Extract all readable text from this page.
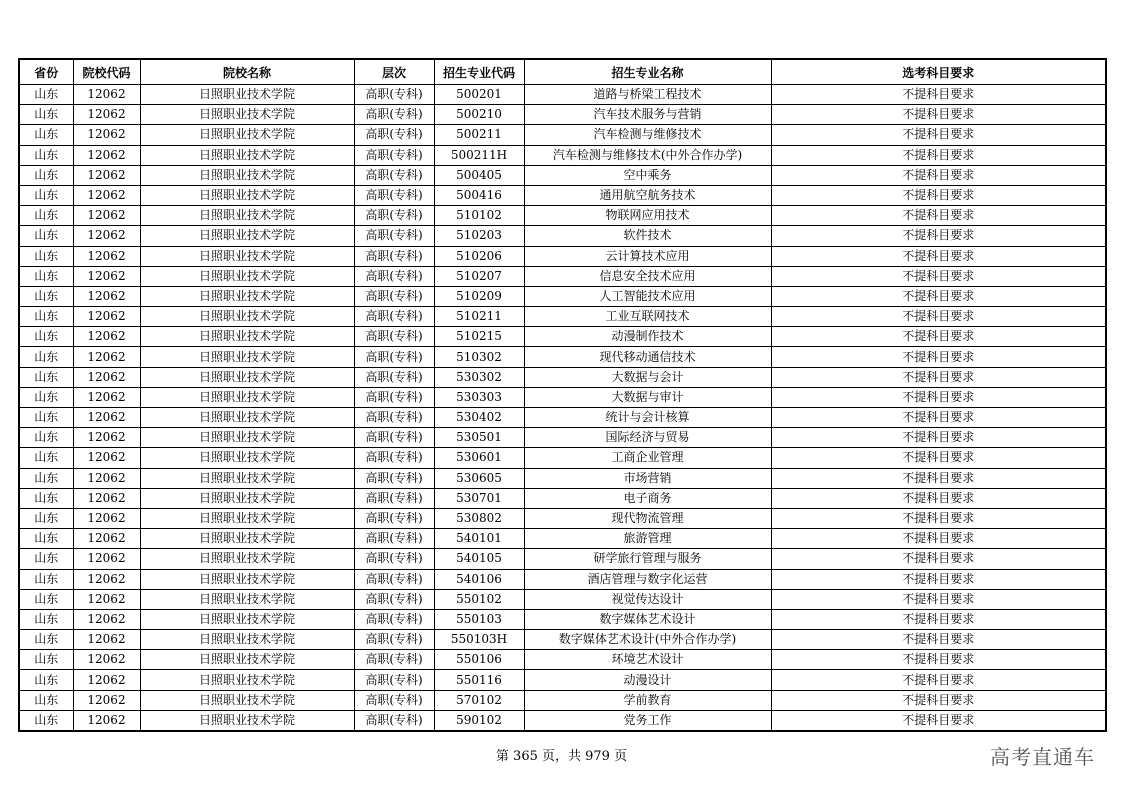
省份	院校代码	院校名称	层次	招生专业代码	招生专业名称	选考科目要求
山东	12062	日照职业技术学院	高职(专科)	500201	道路与桥梁工程技术	不提科目要求
山东	12062	日照职业技术学院	高职(专科)	500210	汽车技术服务与营销	不提科目要求
山东	12062	日照职业技术学院	高职(专科)	500211	汽车检测与维修技术	不提科目要求
山东	12062	日照职业技术学院	高职(专科)	500211H	汽车检测与维修技术(中外合作办学)	不提科目要求
山东	12062	日照职业技术学院	高职(专科)	500405	空中乘务	不提科目要求
山东	12062	日照职业技术学院	高职(专科)	500416	通用航空航务技术	不提科目要求
山东	12062	日照职业技术学院	高职(专科)	510102	物联网应用技术	不提科目要求
山东	12062	日照职业技术学院	高职(专科)	510203	软件技术	不提科目要求
山东	12062	日照职业技术学院	高职(专科)	510206	云计算技术应用	不提科目要求
山东	12062	日照职业技术学院	高职(专科)	510207	信息安全技术应用	不提科目要求
山东	12062	日照职业技术学院	高职(专科)	510209	人工智能技术应用	不提科目要求
山东	12062	日照职业技术学院	高职(专科)	510211	工业互联网技术	不提科目要求
山东	12062	日照职业技术学院	高职(专科)	510215	动漫制作技术	不提科目要求
山东	12062	日照职业技术学院	高职(专科)	510302	现代移动通信技术	不提科目要求
山东	12062	日照职业技术学院	高职(专科)	530302	大数据与会计	不提科目要求
山东	12062	日照职业技术学院	高职(专科)	530303	大数据与审计	不提科目要求
山东	12062	日照职业技术学院	高职(专科)	530402	统计与会计核算	不提科目要求
山东	12062	日照职业技术学院	高职(专科)	530501	国际经济与贸易	不提科目要求
山东	12062	日照职业技术学院	高职(专科)	530601	工商企业管理	不提科目要求
山东	12062	日照职业技术学院	高职(专科)	530605	市场营销	不提科目要求
山东	12062	日照职业技术学院	高职(专科)	530701	电子商务	不提科目要求
山东	12062	日照职业技术学院	高职(专科)	530802	现代物流管理	不提科目要求
山东	12062	日照职业技术学院	高职(专科)	540101	旅游管理	不提科目要求
山东	12062	日照职业技术学院	高职(专科)	540105	研学旅行管理与服务	不提科目要求
山东	12062	日照职业技术学院	高职(专科)	540106	酒店管理与数字化运营	不提科目要求
山东	12062	日照职业技术学院	高职(专科)	550102	视觉传达设计	不提科目要求
山东	12062	日照职业技术学院	高职(专科)	550103	数字媒体艺术设计	不提科目要求
山东	12062	日照职业技术学院	高职(专科)	550103H	数字媒体艺术设计(中外合作办学)	不提科目要求
山东	12062	日照职业技术学院	高职(专科)	550106	环境艺术设计	不提科目要求
山东	12062	日照职业技术学院	高职(专科)	550116	动漫设计	不提科目要求
山东	12062	日照职业技术学院	高职(专科)	570102	学前教育	不提科目要求
山东	12062	日照职业技术学院	高职(专科)	590102	党务工作	不提科目要求
第 365 页，共 979 页	高考直通车
